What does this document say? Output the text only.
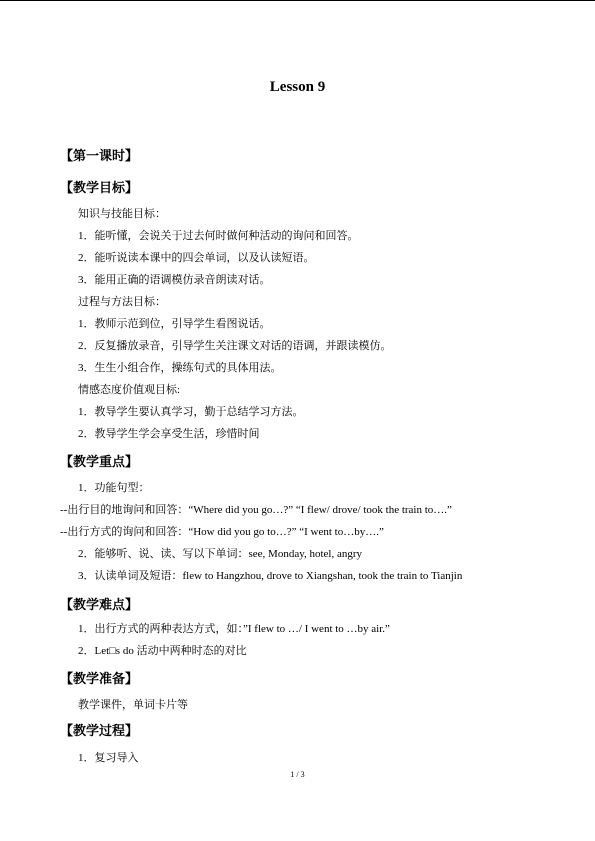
Lesson 9
【第一课时】
【教学目标】
知识与技能目标：
1．能听懂，会说关于过去何时做何种活动的询问和回答。
2．能听说读本课中的四会单词，以及认读短语。
3．能用正确的语调模仿录音朗读对话。
过程与方法目标：
1．教师示范到位，引导学生看图说话。
2．反复播放录音，引导学生关注课文对话的语调，并跟读模仿。
3．生生小组合作，操练句式的具体用法。
情感态度价值观目标:
1．教导学生要认真学习，勤于总结学习方法。
2．教导学生学会享受生活，珍惜时间
【教学重点】
1．功能句型：
--出行目的地询问和回答：“Where did you go…?” “I flew/ drove/ took the train to….”
--出行方式的询问和回答：“How did you go to…?” “I went to…by….”
2．能够听、说、读、写以下单词：see, Monday, hotel, angry
3．认读单词及短语：flew to Hangzhou, drove to Xiangshan, took the train to Tianjin
【教学难点】
1．出行方式的两种表达方式，如：”I flew to …/ I went to …by air.”
2．Let□s do 活动中两种时态的对比
【教学准备】
教学课件，单词卡片等
【教学过程】
1．复习导入
1 / 3
